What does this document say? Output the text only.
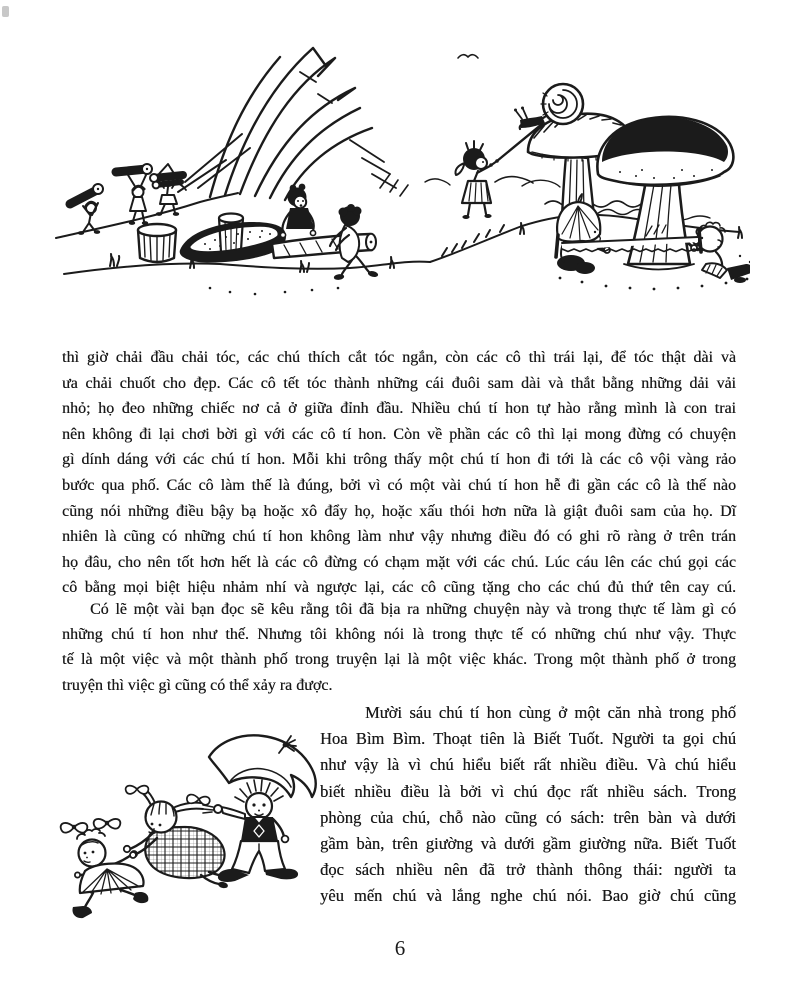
thì giờ chải đầu chải tóc, các chú thích cắt tóc ngắn, còn các cô thì trái lại, để tóc thật dài và
ưa chải chuốt cho đẹp. Các cô tết tóc thành những cái đuôi sam dài và thắt bằng những dải vải
nhỏ; họ đeo những chiếc nơ cả ở giữa đỉnh đầu. Nhiều chú tí hon tự hào rằng mình là con trai
nên không đi lại chơi bời gì với các cô tí hon. Còn về phần các cô thì lại mong đừng có chuyện
gì dính dáng với các chú tí hon. Mỗi khi trông thấy một chú tí hon đi tới là các cô vội vàng rảo
bước qua phố. Các cô làm thế là đúng, bởi vì có một vài chú tí hon hễ đi gần các cô là thế nào
cũng nói những điều bậy bạ hoặc xô đẩy họ, hoặc xấu thói hơn nữa là giật đuôi sam của họ. Dĩ
nhiên là cũng có những chú tí hon không làm như vậy nhưng điều đó có ghi rõ ràng ở trên trán
họ đâu, cho nên tốt hơn hết là các cô đừng có chạm mặt với các chú. Lúc cáu lên các chú gọi các
cô bằng mọi biệt hiệu nhảm nhí và ngược lại, các cô cũng tặng cho các chú đủ thứ tên cay cú.
Có lẽ một vài bạn đọc sẽ kêu rằng tôi đã bịa ra những chuyện này và trong thực tế làm gì có
những chú tí hon như thế. Nhưng tôi không nói là trong thực tế có những chú như vậy. Thực
tế là một việc và một thành phố trong truyện lại là một việc khác. Trong một thành phố ở trong
truyện thì việc gì cũng có thể xảy ra được.
Mười sáu chú tí hon cùng ở một căn nhà trong phố
Hoa Bìm Bìm. Thoạt tiên là Biết Tuốt. Người ta gọi chú
như vậy là vì chú hiểu biết rất nhiều điều. Và chú hiểu
biết nhiều điều là bởi vì chú đọc rất nhiều sách. Trong
phòng của chú, chỗ nào cũng có sách: trên bàn và dưới
gầm bàn, trên giường và dưới gầm giường nữa. Biết Tuốt
đọc sách nhiều nên đã trở thành thông thái: người ta
yêu mến chú và lắng nghe chú nói. Bao giờ chú cũng
6
